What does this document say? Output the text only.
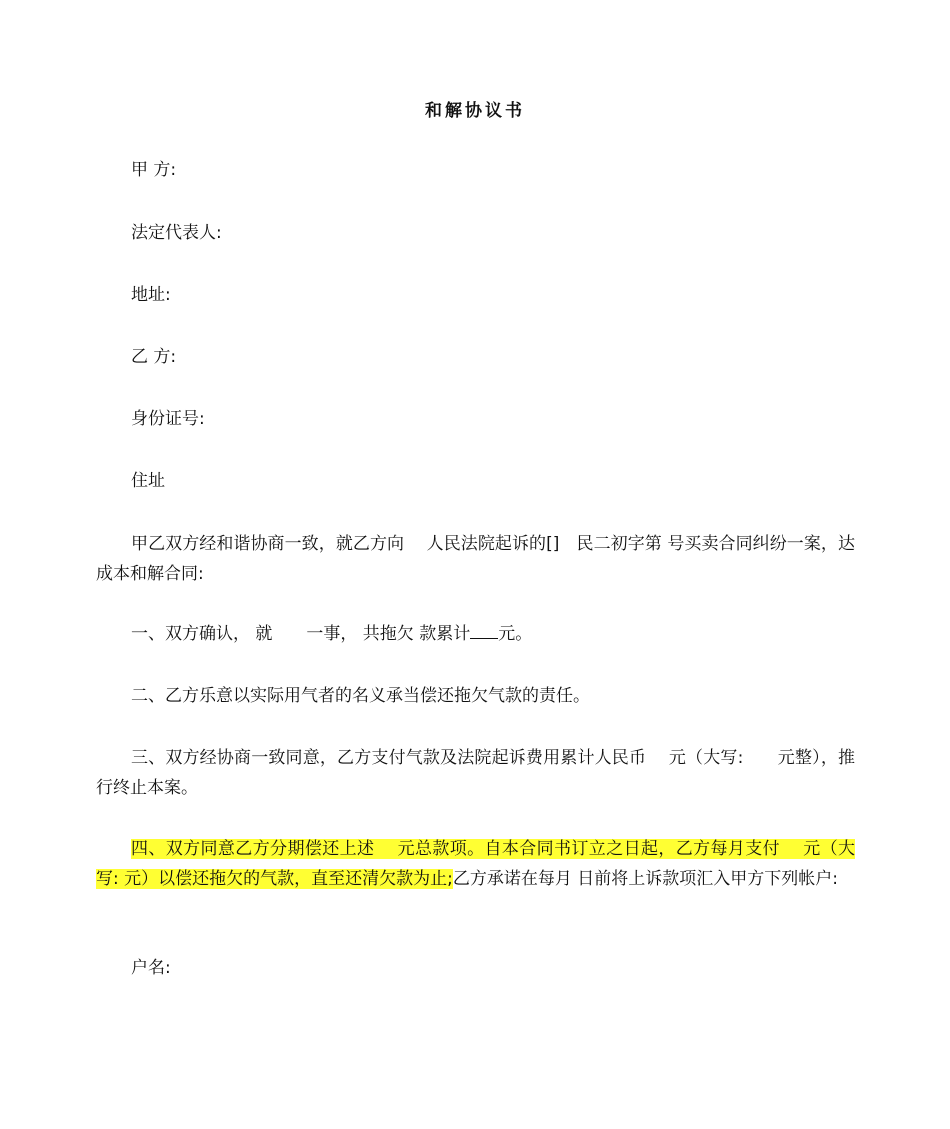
和解协议书
甲 方:
法定代表人:
地址:
乙 方:
身份证号:
住址
甲乙双方经和谐协商一致，就乙方向　 人民法院起诉的[]　民二初字第 号买卖合同纠纷一案，达成本和解合同:
一、双方确认， 就　　一事， 共拖欠 款累计 元。
二、乙方乐意以实际用气者的名义承当偿还拖欠气款的责任。
三、双方经协商一致同意，乙方支付气款及法院起诉费用累计人民币　 元（大写:　　元整），推行终止本案。
四、双方同意乙方分期偿还上述　 元总款项。自本合同书订立之日起，乙方每月支付　 元（大写: 元）以偿还拖欠的气款，直至还清欠款为止;乙方承诺在每月 日前将上诉款项汇入甲方下列帐户:
户名:
